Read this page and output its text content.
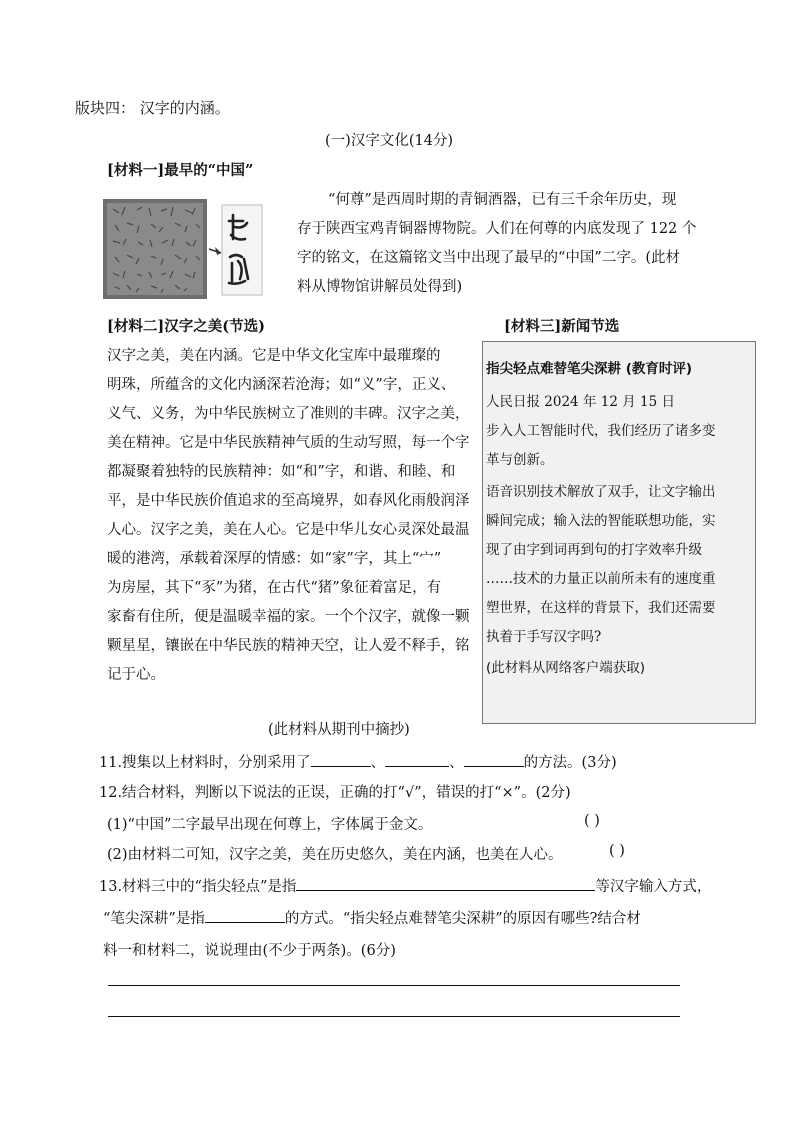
版块四： 汉字的内涵。
(一)汉字文化(14分)
[材料一]最早的“中国”
“何尊”是西周时期的青铜酒器，已有三千余年历史，现
存于陕西宝鸡青铜器博物院。人们在何尊的内底发现了 122 个
字的铭文，在这篇铭文当中出现了最早的“中国”二字。(此材
料从博物馆讲解员处得到)
[材料二]汉字之美(节选)
汉字之美，美在内涵。它是中华文化宝库中最璀璨的
明珠，所蕴含的文化内涵深若沧海；如“义”字，正义、
义气、义务，为中华民族树立了准则的丰碑。汉字之美，
美在精神。它是中华民族精神气质的生动写照，每一个字
都凝聚着独特的民族精神：如“和”字，和谐、和睦、和
平，是中华民族价值追求的至高境界，如春风化雨般润泽
人心。汉字之美，美在人心。它是中华儿女心灵深处最温
暖的港湾，承载着深厚的情感：如“家”字，其上“宀”
为房屋，其下“豕”为猪，在古代“猪”象征着富足，有
家畜有住所，便是温暖幸福的家。一个个汉字，就像一颗
颗星星，镶嵌在中华民族的精神天空，让人爱不释手，铭
记于心。
(此材料从期刊中摘抄)
[材料三]新闻节选
指尖轻点难替笔尖深耕 (教育时评)
人民日报 2024 年 12 月 15 日
步入人工智能时代，我们经历了诸多变
革与创新。
语音识别技术解放了双手，让文字输出
瞬间完成；输入法的智能联想功能，实
现了由字到词再到句的打字效率升级
……技术的力量正以前所未有的速度重
塑世界，在这样的背景下，我们还需要
执着于手写汉字吗?
(此材料从网络客户端获取)
11.搜集以上材料时，分别采用了	、	、	的方法。(3分)
12.结合材料，判断以下说法的正误，正确的打“√”，错误的打“×”。(2分)
(1)“中国”二字最早出现在何尊上，字体属于金文。	( )
(2)由材料二可知，汉字之美，美在历史悠久，美在内涵，也美在人心。	( )
13.材料三中的“指尖轻点”是指	等汉字输入方式，
“笔尖深耕”是指	的方式。“指尖轻点难替笔尖深耕”的原因有哪些?结合材
料一和材料二，说说理由(不少于两条)。(6分)
